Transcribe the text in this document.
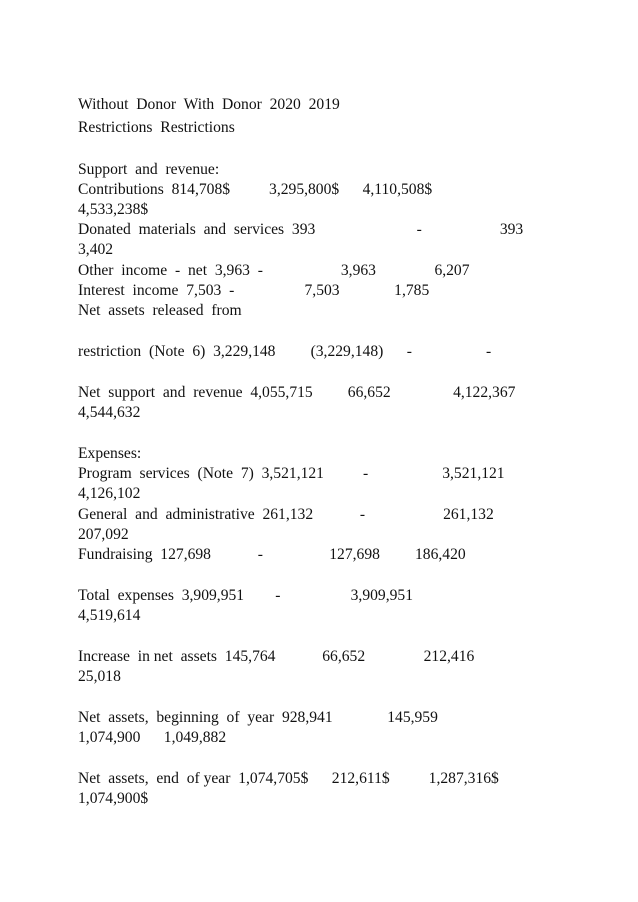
Without  Donor  With  Donor  2020  2019
Restrictions  Restrictions
Support  and  revenue:
Contributions  814,708$          3,295,800$      4,110,508$
4,533,238$
Donated  materials  and  services  393                          -                    393
3,402
Other  income  -  net  3,963  -                    3,963               6,207
Interest  income  7,503  -                  7,503              1,785
Net  assets  released  from
restriction  (Note  6)  3,229,148         (3,229,148)      -                   -
Net  support  and  revenue  4,055,715         66,652                4,122,367
4,544,632
Expenses:
Program  services  (Note  7)  3,521,121          -                   3,521,121
4,126,102
General  and  administrative  261,132            -                    261,132
207,092
Fundraising  127,698            -                 127,698         186,420
Total  expenses  3,909,951        -                  3,909,951
4,519,614
Increase  in net  assets  145,764            66,652               212,416
25,018
Net  assets,  beginning  of  year  928,941              145,959
1,074,900      1,049,882
Net  assets,  end  of year  1,074,705$      212,611$          1,287,316$
1,074,900$
